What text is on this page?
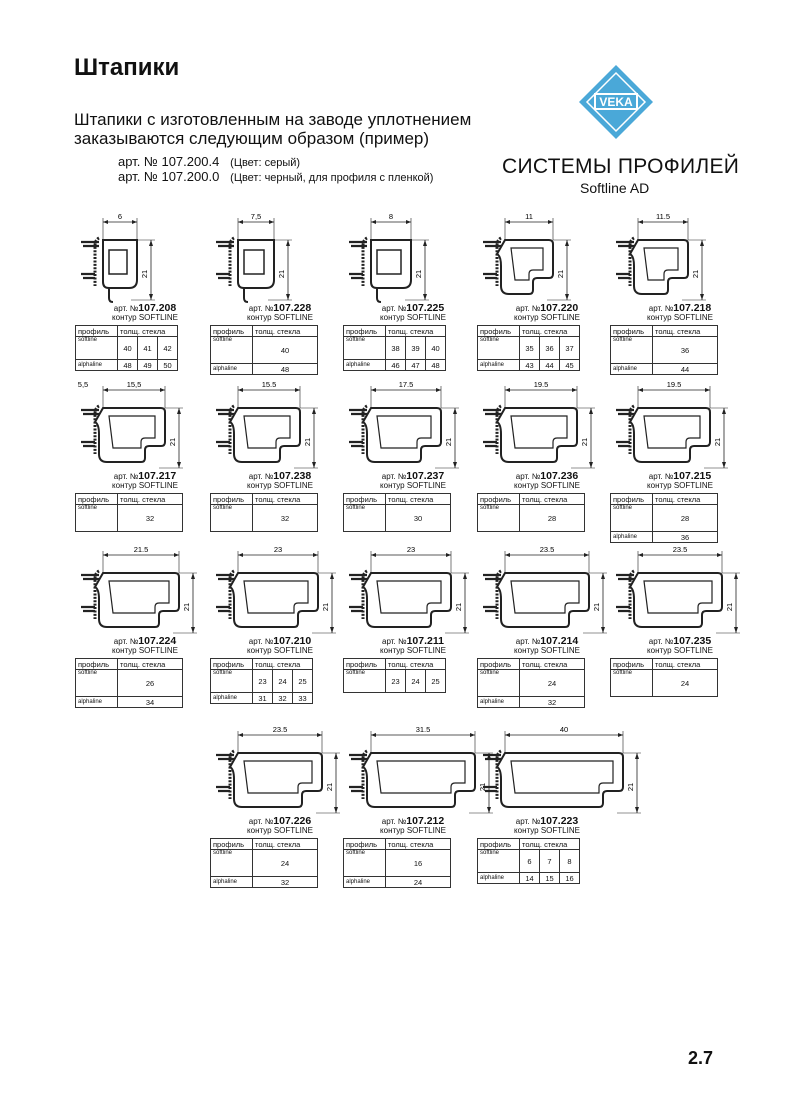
Штапики
Штапики с изготовленным на заводе уплотнением
заказываются следующим образом (пример)
арт. № 107.200.4 (Цвет: серый)
арт. № 107.200.0 (Цвет: черный, для профиля с пленкой)
VEKA
СИСТЕМЫ ПРОФИЛЕЙ
Softline AD
6
21
арт. №107.208
контур SOFTLINE
профиль	толщ. стекла		
softline	40	41	42
alphaline	48	49	50
7,5
21
арт. №107.228
контур SOFTLINE
профиль	толщ. стекла
softline	40
alphaline	48
8
21
арт. №107.225
контур SOFTLINE
профиль	толщ. стекла		
softline	38	39	40
alphaline	46	47	48
11
21
арт. №107.220
контур SOFTLINE
профиль	толщ. стекла		
softline	35	36	37
alphaline	43	44	45
11.5
21
арт. №107.218
контур SOFTLINE
профиль	толщ. стекла
softline	36
alphaline	44
15,5
5,5
21
арт. №107.217
контур SOFTLINE
профиль	толщ. стекла
softline	32
15.5
21
арт. №107.238
контур SOFTLINE
профиль	толщ. стекла
softline	32
17.5
21
арт. №107.237
контур SOFTLINE
профиль	толщ. стекла
softline	30
19.5
21
арт. №107.236
контур SOFTLINE
профиль	толщ. стекла
softline	28
19.5
21
арт. №107.215
контур SOFTLINE
профиль	толщ. стекла
softline	28
alphaline	36
21.5
21
арт. №107.224
контур SOFTLINE
профиль	толщ. стекла
softline	26
alphaline	34
23
21
арт. №107.210
контур SOFTLINE
профиль	толщ. стекла		
softline	23	24	25
alphaline	31	32	33
23
21
арт. №107.211
контур SOFTLINE
профиль	толщ. стекла		
softline	23	24	25
23.5
21
арт. №107.214
контур SOFTLINE
профиль	толщ. стекла
softline	24
alphaline	32
23.5
21
арт. №107.235
контур SOFTLINE
профиль	толщ. стекла
softline	24
23.5
21
арт. №107.226
контур SOFTLINE
профиль	толщ. стекла
softline	24
alphaline	32
31.5
21
арт. №107.212
контур SOFTLINE
профиль	толщ. стекла
softline	16
alphaline	24
40
21
арт. №107.223
контур SOFTLINE
профиль	толщ. стекла		
softline	6	7	8
alphaline	14	15	16
2.7
